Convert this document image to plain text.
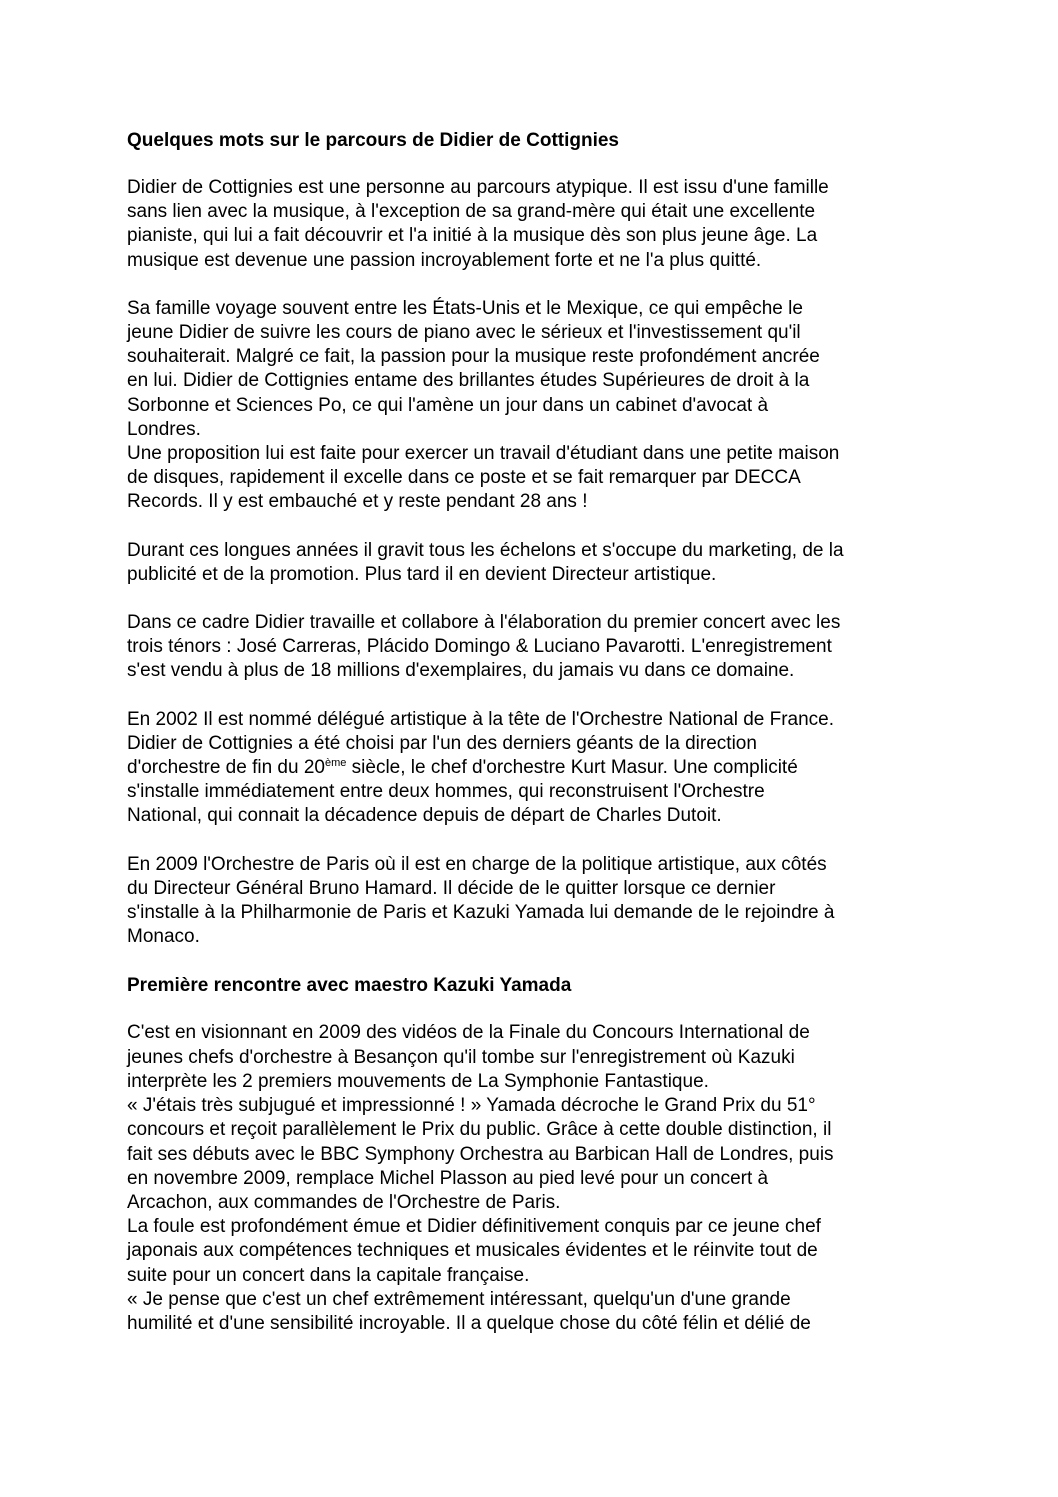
Quelques mots sur le parcours de Didier de Cottignies

Didier de Cottignies est une personne au parcours atypique. Il est issu d'une famille
sans lien avec la musique, à l'exception de sa grand-mère qui était une excellente
pianiste, qui lui a fait découvrir et l'a initié à la musique dès son plus jeune âge. La
musique est devenue une passion incroyablement forte et ne l'a plus quitté.

Sa famille voyage souvent entre les États-Unis et le Mexique, ce qui empêche le
jeune Didier de suivre les cours de piano avec le sérieux et l'investissement qu'il
souhaiterait. Malgré ce fait, la passion pour la musique reste profondément ancrée
en lui. Didier de Cottignies entame des brillantes études Supérieures de droit à la
Sorbonne et Sciences Po, ce qui l'amène un jour dans un cabinet d'avocat à
Londres.
Une proposition lui est faite pour exercer un travail d'étudiant dans une petite maison
de disques, rapidement il excelle dans ce poste et se fait remarquer par DECCA
Records. Il y est embauché et y reste pendant 28 ans !

Durant ces longues années il gravit tous les échelons et s'occupe du marketing, de la
publicité et de la promotion. Plus tard il en devient Directeur artistique.

Dans ce cadre Didier travaille et collabore à l'élaboration du premier concert avec les
trois ténors : José Carreras, Plácido Domingo & Luciano Pavarotti. L'enregistrement
s'est vendu à plus de 18 millions d'exemplaires, du jamais vu dans ce domaine.

En 2002 Il est nommé délégué artistique à la tête de l'Orchestre National de France.
Didier de Cottignies a été choisi par l'un des derniers géants de la direction
d'orchestre de fin du 20ème siècle, le chef d'orchestre Kurt Masur. Une complicité
s'installe immédiatement entre deux hommes, qui reconstruisent l'Orchestre
National, qui connait la décadence depuis de départ de Charles Dutoit.

En 2009 l'Orchestre de Paris où il est en charge de la politique artistique, aux côtés
du Directeur Général Bruno Hamard. Il décide de le quitter lorsque ce dernier
s'installe à la Philharmonie de Paris et Kazuki Yamada lui demande de le rejoindre à
Monaco.

Première rencontre avec maestro Kazuki Yamada

C'est en visionnant en 2009 des vidéos de la Finale du Concours International de
jeunes chefs d'orchestre à Besançon qu'il tombe sur l'enregistrement où Kazuki
interprète les 2 premiers mouvements de La Symphonie Fantastique.
« J'étais très subjugué et impressionné ! » Yamada décroche le Grand Prix du 51°
concours et reçoit parallèlement le Prix du public. Grâce à cette double distinction, il
fait ses débuts avec le BBC Symphony Orchestra au Barbican Hall de Londres, puis
en novembre 2009, remplace Michel Plasson au pied levé pour un concert à
Arcachon, aux commandes de l'Orchestre de Paris.
La foule est profondément émue et Didier définitivement conquis par ce jeune chef
japonais aux compétences techniques et musicales évidentes et le réinvite tout de
suite pour un concert dans la capitale française.
« Je pense que c'est un chef extrêmement intéressant, quelqu'un d'une grande
humilité et d'une sensibilité incroyable. Il a quelque chose du côté félin et délié de
